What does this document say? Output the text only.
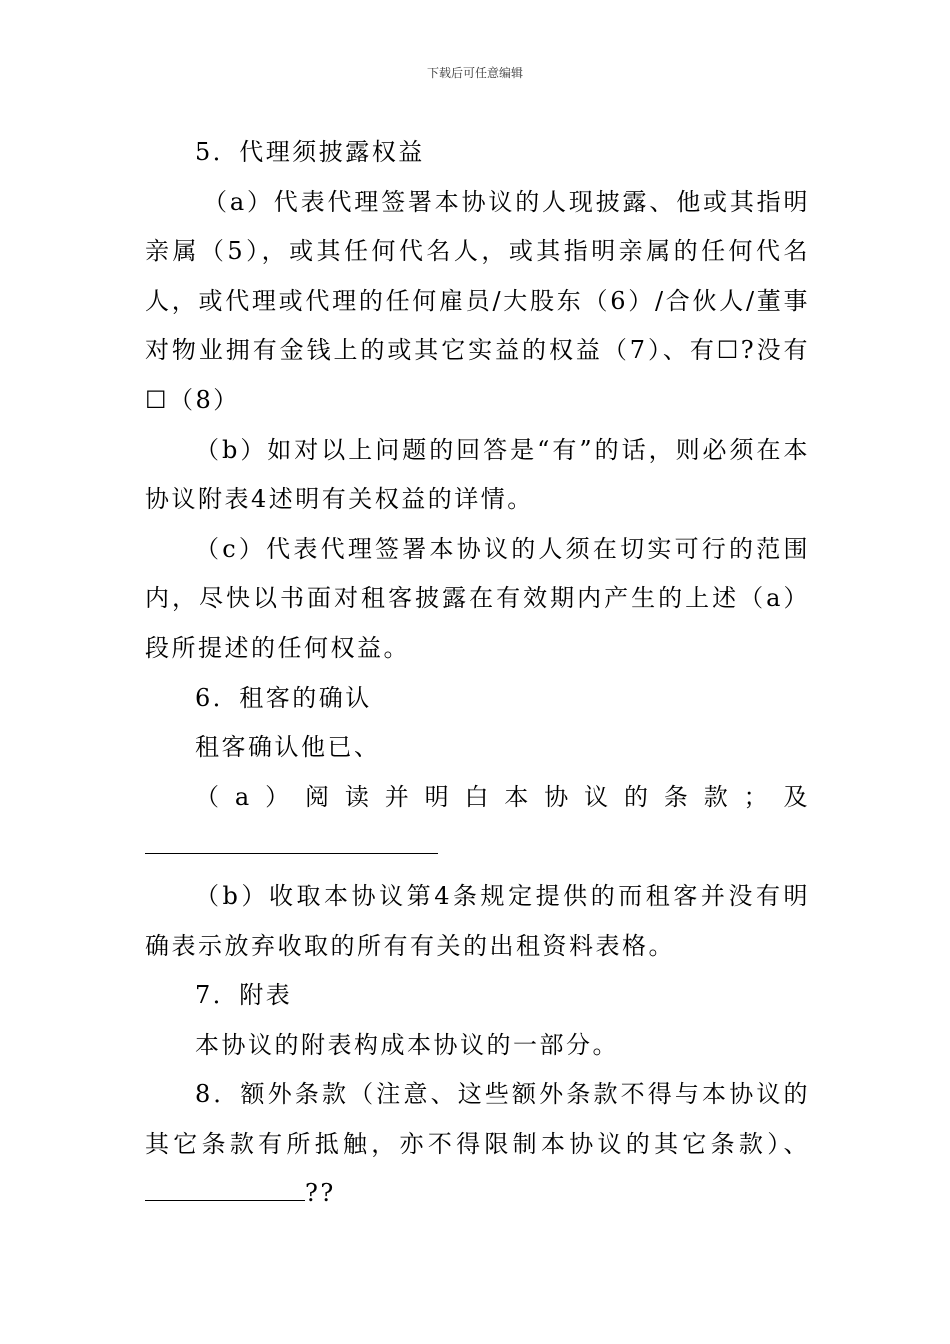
下载后可任意编辑

5．代理须披露权益

（a）代表代理签署本协议的人现披露、他或其指明亲属（5），或其任何代名人，或其指明亲属的任何代名人，或代理或代理的任何雇员/大股东（6）/合伙人/董事对物业拥有金钱上的或其它实益的权益（7）、有☐?没有☐（8）

（b）如对以上问题的回答是“有”的话，则必须在本协议附表4述明有关权益的详情。

（c）代表代理签署本协议的人须在切实可行的范围内，尽快以书面对租客披露在有效期内产生的上述（a）段所提述的任何权益。

6．租客的确认

租客确认他已、

（a）阅读并明白本协议的条款；及

（b）收取本协议第4条规定提供的而租客并没有明确表示放弃收取的所有有关的出租资料表格。

7．附表

本协议的附表构成本协议的一部分。

8．额外条款（注意、这些额外条款不得与本协议的其它条款有所抵触，亦不得限制本协议的其它条款）、??
